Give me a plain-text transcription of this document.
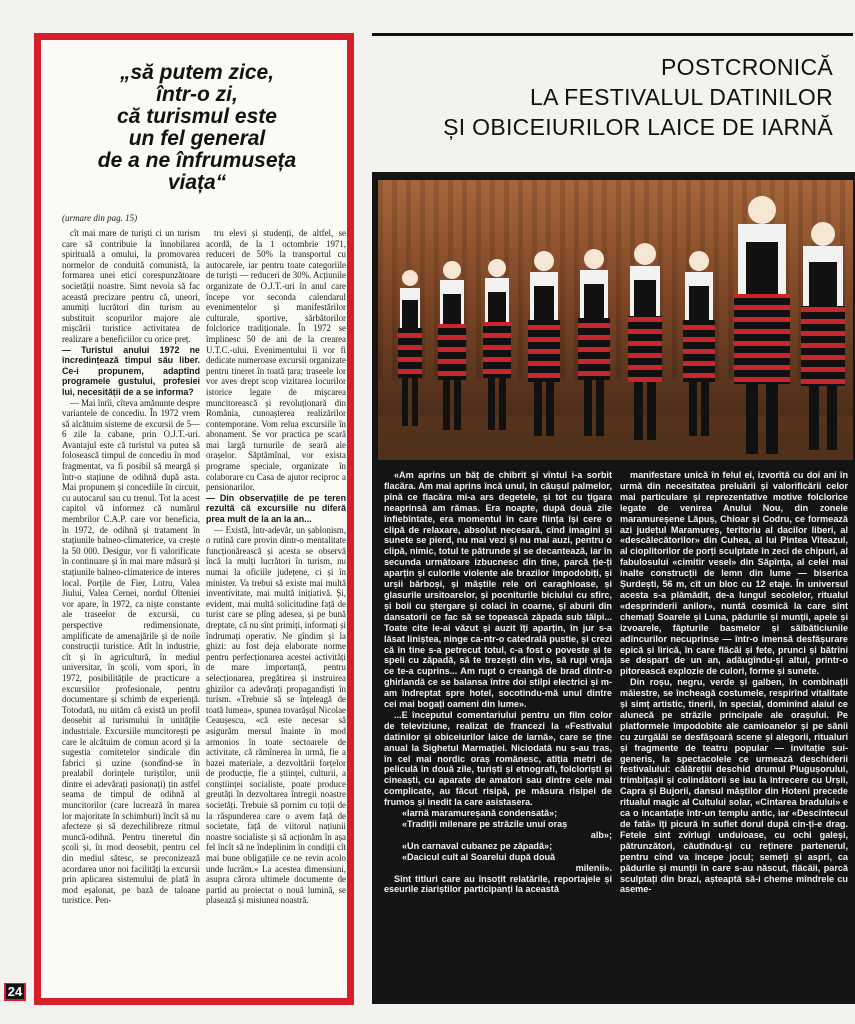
„să putem zice,
într-o zi,
că turismul este
un fel general
de a ne înfrumuseța
viața“
(urmare din pag. 15)

cît mai mare de turiști ci un turism care să contribuie la înnobilarea spirituală a omului, la promovarea normelor de conduită comunistă, la formarea unei etici corespunzătoare societății noastre. Simt nevoia să fac această precizare pentru că, uneori, anumiți lucrători din turism au substituit scopurilor majore ale mișcării turistice activitatea de realizare a beneficiilor cu orice preț.

— Turistul anului 1972 ne încredințează timpul său liber. Ce-i propunem, adaptînd programele gustului, profesiei lui, necesității de a se informa?

— Mai întîi, cîteva amănunte despre variantele de concediu. În 1972 vrem să alcătuim sisteme de excursii de 5—6 zile la cabane, prin O.J.T.-uri. Avantajul este că turistul va putea să folosească timpul de concediu în mod fragmentat, va fi posibil să meargă și într-o stațiune de odihnă după asta. Mai propunem și concediile în circuit, cu autocarul sau cu trenul. Tot la acest capitol vă informez că numărul membrilor C.A.P. care vor beneficia, în 1972, de odihnă și tratament în stațiunile balneo-climaterice, va crește la 50 000. Desigur, vor fi valorificate în continuare și în mai mare măsură și stațiunile balneo-climaterice de interes local. Porțile de Fier, Lotru, Valea Jiului, Valea Cernei, nordul Olteniei vor apare, în 1972, ca niște constante ale traseelor de excursii, cu perspective redimensionate, amplificate de amenajările și de noile construcții turistice. Atît în industrie, cît și în agricultură, în mediul universitar, în școli, vom spori, în 1972, posibilitățile de practicare a excursiilor profesionale, pentru documentare și schimb de experiență. Totodată, nu uităm că există un profil deosebit al turismului în unitățile industriale. Excursiile muncitorești pe care le alcătuim de comun acord și la sugestia comitetelor sindicale din fabrici și uzine (sondînd-se în prealabil dorințele turiștilor, unii dintre ei adevărați pasionați) țin astfel seama de timpul de odihnă al muncitorilor (care lucrează în marea lor majoritate în schimburi) încît să nu afecteze și să dezechilibreze ritmul muncă-odihnă. Pentru tineretul din școli și, în mod deosebit, pentru cel din mediul sătesc, se preconizează acordarea unor noi facilități la excursii prin aplicarea sistemului de plată în mod eșalonat, pe bază de taloane turistice. Pen-

tru elevi și studenți, de altfel, se acordă, de la 1 octombrie 1971, reduceri de 50% la transportul cu autocarele, iar pentru toate categoriile de turiști — reduceri de 30%. Acțiunile organizate de O.J.T.-uri în anul care începe vor seconda calendarul evenimentelor și manifestărilor culturale, sportive, sărbătorilor folclorice tradiționale. În 1972 se împlinesc 50 de ani de la crearea U.T.C.-ului. Evenimentului îi vor fi dedicate numeroase excursii organizate pentru tineret în toată țara; traseele lor vor aves drept scop vizitarea locurilor istorice legate de mișcarea muncitorească și revoluționară din România, cunoașterea realizărilor contemporane. Vom relua excursiile în abonament. Se vor practica pe scară mai largă turnurile de seară ale orașelor. Săptămînal, vor exista programe speciale, organizate în colaborare cu Casa de ajutor reciproc a pensionarilor.

— Din observațiile de pe teren rezultă că excursiile nu diferă prea mult de la an la an...

— Există, într-adevăr, un șablonism, o rutină care provin dintr-o mentalitate funcționărească și acesta se observă încă la mulți lucrători în turism, nu numai la oficiile județene, ci și în minister. Va trebui să existe mai multă inventivitate, mai multă inițiativă. Și, evident, mai multă solicitudine față de turist care se plîng adesea, și pe bună dreptate, că nu sînt primiți, informați și îndrumați operativ. Ne gîndim și la ghizi: au fost deja elaborate norme pentru perfecționarea acestei activități de mare importanță, pentru selecționarea, pregătirea și instruirea ghizilor ca adevărați propagandiști în turism. «Trebuie să se înțeleagă de toată lumea», spunea tovarășul Nicolae Ceaușescu, «că este necesar să asigurăm mersul înainte în mod armonios în toate sectoarele de activitate, că rămînerea în urmă, fie a bazei materiale, a dezvoltării forțelor de producție, fie a științei, culturii, a conștiinței socialiste, poate produce greutăți în dezvoltarea întregii noastre societăți. Trebuie să pornim cu toții de la răspunderea care o avem față de societate, față de viitorul națiunii noastre socialiste și să acționăm în așa fel încît să ne îndeplinim în condiții cît mai bune obligațiile ce ne revin acolo unde lucrăm.» La acestea dimensiuni, asupra cărora ultimele documente de partid au proiectat o nouă lumină, se plasează și misiunea noastră.

24
POSTCRONICĂ
LA FESTIVALUL DATINILOR
ȘI OBICEIURILOR LAICE DE IARNĂ

«Am aprins un băț de chibrit și vîntul i-a sorbit flacăra. Am mai aprins încă unul, în căușul palmelor, pînă ce flacăra mi-a ars degetele, și tot cu țigara neaprinsă am rămas. Era noapte, după două zile înfiebîntate, era momentul în care ființa își cere o clipă de relaxare, absolut necesară, cînd imagini și sunete se pierd, nu mai vezi și nu mai auzi, pentru o clipă, nimic, totul te pătrunde și se decantează, iar în secunda următoare izbucnesc din tine, parcă ție-ți aparțin și culorile violente ale brazilor împodobiți, și urșii bărboși, și măștile rele ori caraghioase, și glasurile ursitoarelor, și pocniturile biciului cu sfirc, și boii cu ștergare și colaci în coarne, și aburii din dansatorii ce fac să se topească zăpada sub tălpi... Toate cite le-ai văzut și auzit îți aparțin, în jur s-a lăsat liniștea, ninge ca-ntr-o catedrală pustie, și crezi că în tine s-a petrecut totul, c-a fost o poveste și te speli cu zăpadă, să te trezești din vis, să rupi vraja ce te-a cuprins... Am rupt o creangă de brad dintr-o ghirlandă ce se balansa între doi stilpi electrici și m-am îndreptat spre hotel, socotindu-mă unul dintre cei mai bogați oameni din lume».

...E începutul comentariului pentru un film color de televiziune, realizat de francezi la «Festivalul datinilor și obiceiurilor laice de iarnă», care se ține anual la Sighetul Marmației. Niciodată nu s-au tras, în cel mai nordic oraș românesc, atîția metri de peliculă în două zile, turiști și etnografi, folcloriști și cineaști, cu aparate de amatori sau dintre cele mai complicate, au făcut risipă, pe măsura risipei de frumos și inedit la care asistasera.

«Iarnă maramureșană condensată»;

«Tradiții milenare pe străzile unui oraș

alb»;

«Un carnaval cubanez pe zăpadă»;

«Dacicul cult al Soarelui după două

milenii».

Sînt titluri care au însoțit relatările, reportajele și eseurile ziariștilor participanți la această

manifestare unică în felul ei, izvorîtă cu doi ani în urmă din necesitatea preluării și valorificării celor mai particulare și reprezentative motive folclorice legate de venirea Anului Nou, din zonele maramureșene Lăpuș, Chioar și Codru, ce formează azi județul Maramureș, teritoriu al dacilor liberi, al «descălecătorilor» din Cuhea, al lui Pintea Viteazul, al cioplitorilor de porți sculptate în zeci de chipuri, al fabulosului «cimitir vesel» din Săpînța, al celei mai înalte construcții de lemn din lume — biserica Șurdești, 56 m, cît un bloc cu 12 etaje. În universul acesta s-a plămădit, de-a lungul secolelor, ritualul «desprinderii anilor», nuntă cosmică la care sînt chemați Soarele și Luna, pădurile și munții, apele și izvoarele, făpturile basmelor și sălbăticiunile adîncurilor necuprinse — într-o imensă desfășurare epică și lirică, în care flăcăi și fete, prunci și bătrîni se despart de un an, adăugîndu-și altul, printr-o pitorească explozie de culori, forme și sunete.

Din roșu, negru, verde și galben, în combinații măiestre, se încheagă costumele, respirînd vitalitate și simț artistic, tinerii, în special, dominînd alaiul ce alunecă pe străzile principale ale orașului. Pe platformele împodobite ale camioanelor și pe sănii cu zurgălăi se desfășoară scene și alegorii, ritualuri și fragmente de teatru popular — invitație sui-generis, la spectacolele ce urmează deschiderii festivalului: călărețiii deschid drumul Plugușorului, trimbițașii și colindătorii se iau la întrecere cu Urșii, Capra și Bujorii, dansul măștilor din Hoteni precede ritualul magic al Cultului solar, «Cintarea bradului» e ca o incantație într-un templu antic, iar «Descîntecul de fată» îți picură în suflet dorul după cin-ți-e drag. Fetele sint zvîrlugi unduioase, cu ochi galeși, pătrunzători, căutîndu-și cu reținere partenerul, pentru cînd va începe jocul; semeți și aspri, ca pădurile și munții în care s-au născut, flăcăii, parcă sculptați din brazi, așteaptă să-i cheme mîndrele cu aseme-
